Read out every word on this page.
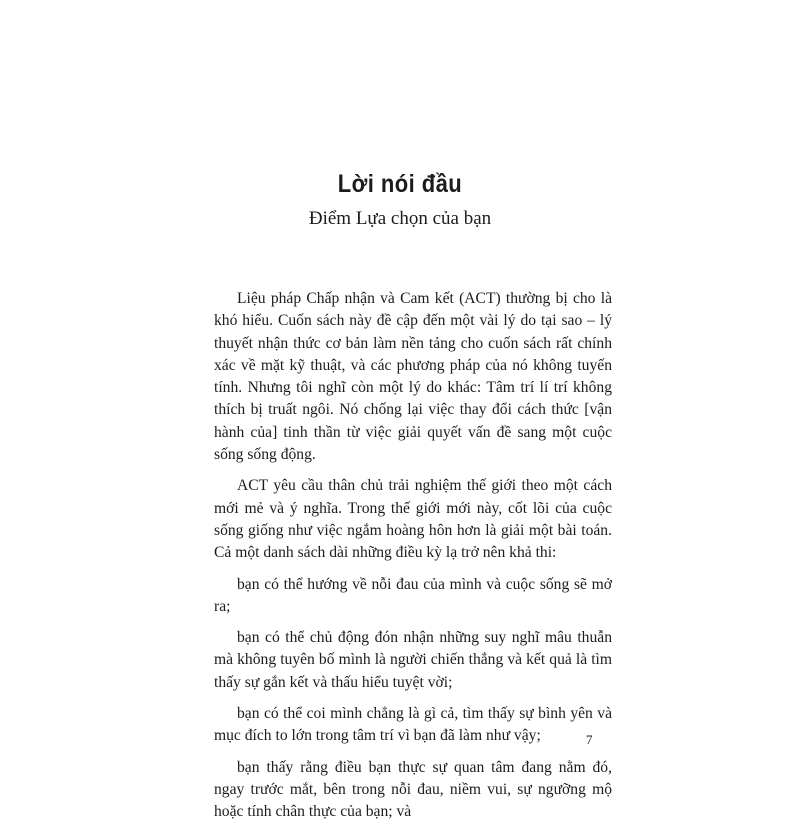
Lời nói đầu
Điểm Lựa chọn của bạn

Liệu pháp Chấp nhận và Cam kết (ACT) thường bị cho là khó hiểu. Cuốn sách này đề cập đến một vài lý do tại sao – lý thuyết nhận thức cơ bản làm nền tảng cho cuốn sách rất chính xác về mặt kỹ thuật, và các phương pháp của nó không tuyến tính. Nhưng tôi nghĩ còn một lý do khác: Tâm trí lí trí không thích bị truất ngôi. Nó chống lại việc thay đổi cách thức [vận hành của] tinh thần từ việc giải quyết vấn đề sang một cuộc sống sống động.

ACT yêu cầu thân chủ trải nghiệm thế giới theo một cách mới mẻ và ý nghĩa. Trong thế giới mới này, cốt lõi của cuộc sống giống như việc ngắm hoàng hôn hơn là giải một bài toán. Cả một danh sách dài những điều kỳ lạ trở nên khả thi:

bạn có thể hướng về nỗi đau của mình và cuộc sống sẽ mở ra;

bạn có thể chủ động đón nhận những suy nghĩ mâu thuẫn mà không tuyên bố mình là người chiến thắng và kết quả là tìm thấy sự gắn kết và thấu hiểu tuyệt vời;

bạn có thể coi mình chẳng là gì cả, tìm thấy sự bình yên và mục đích to lớn trong tâm trí vì bạn đã làm như vậy;

bạn thấy rằng điều bạn thực sự quan tâm đang nằm đó, ngay trước mắt, bên trong nỗi đau, niềm vui, sự ngưỡng mộ hoặc tính chân thực của bạn; và

7
